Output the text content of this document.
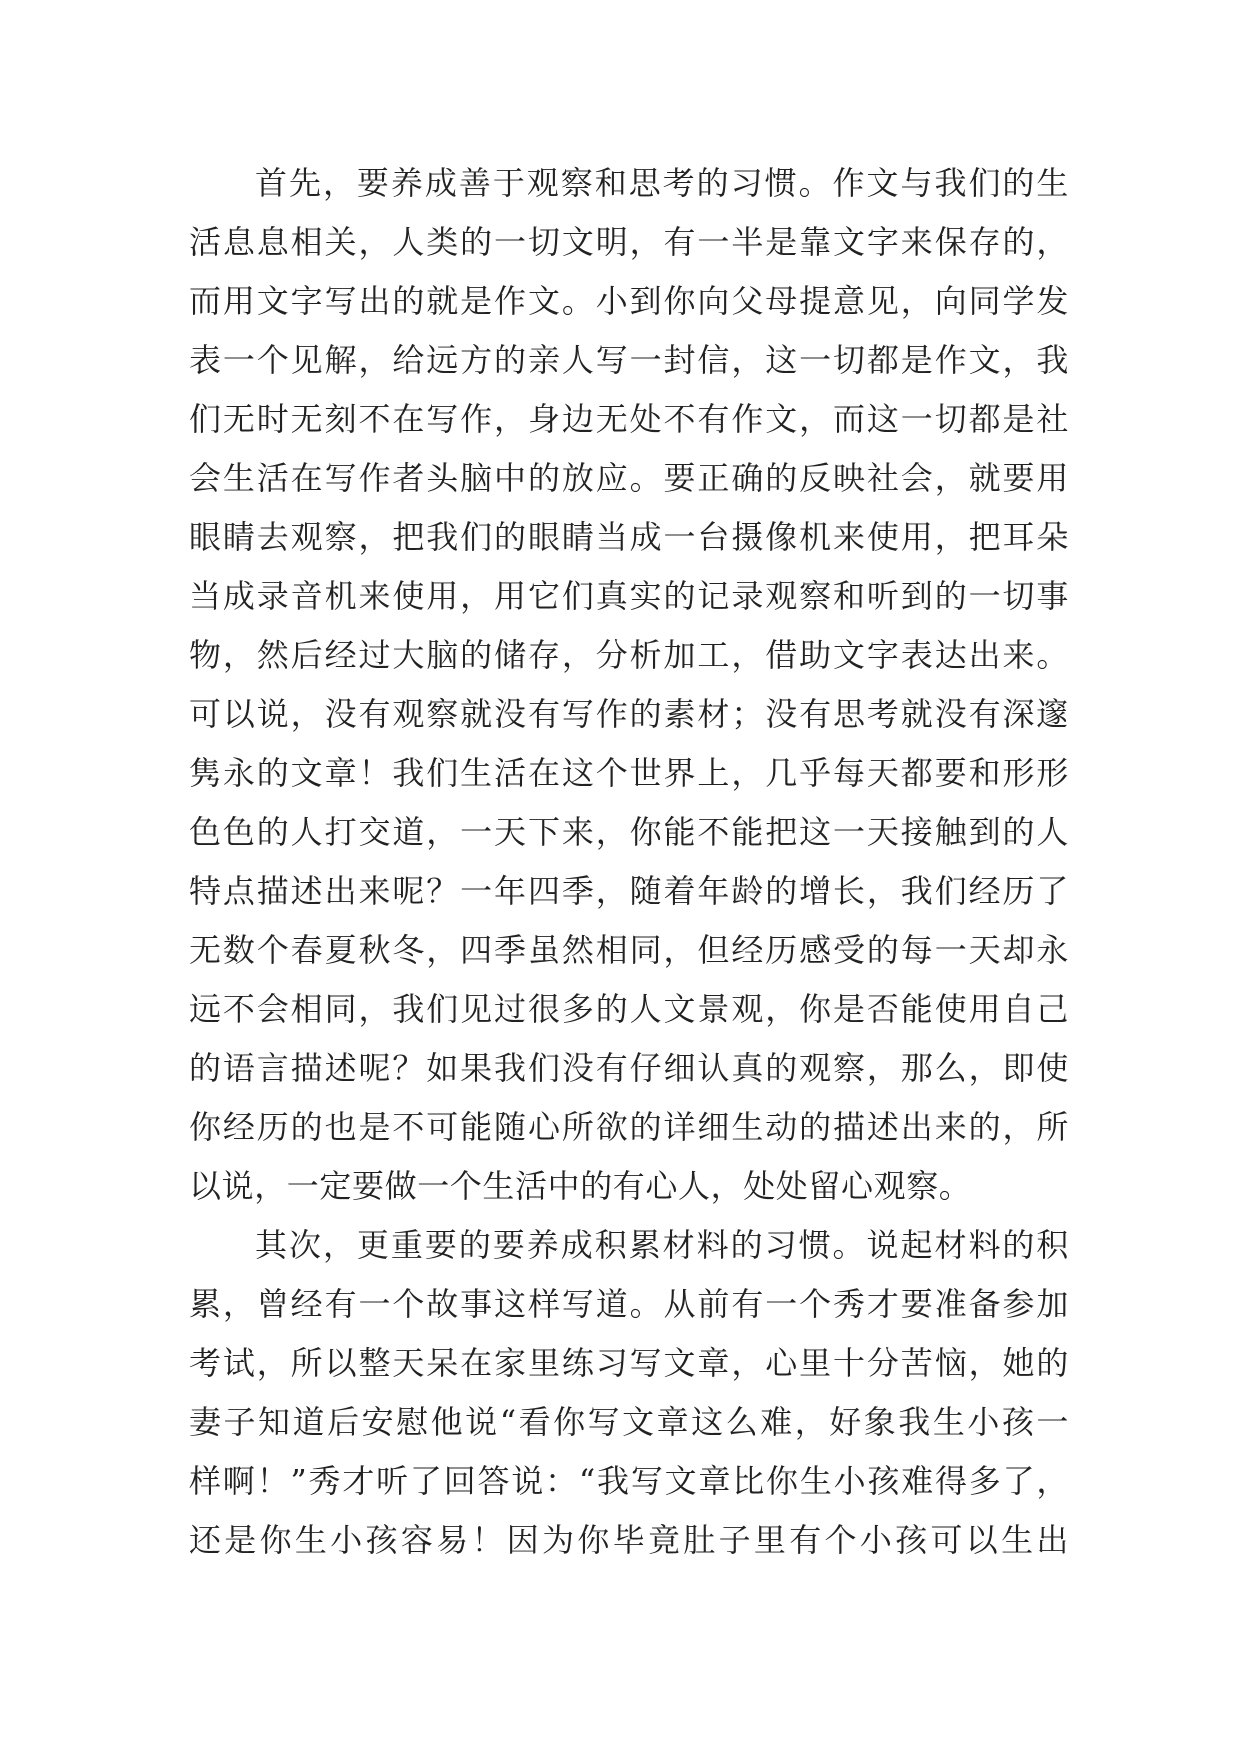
首先，要养成善于观察和思考的习惯。作文与我们的生
活息息相关，人类的一切文明，有一半是靠文字来保存的，
而用文字写出的就是作文。小到你向父母提意见，向同学发
表一个见解，给远方的亲人写一封信，这一切都是作文，我
们无时无刻不在写作，身边无处不有作文，而这一切都是社
会生活在写作者头脑中的放应。要正确的反映社会，就要用
眼睛去观察，把我们的眼睛当成一台摄像机来使用，把耳朵
当成录音机来使用，用它们真实的记录观察和听到的一切事
物，然后经过大脑的储存，分析加工，借助文字表达出来。
可以说，没有观察就没有写作的素材；没有思考就没有深邃
隽永的文章！我们生活在这个世界上，几乎每天都要和形形
色色的人打交道，一天下来，你能不能把这一天接触到的人
特点描述出来呢？一年四季，随着年龄的增长，我们经历了
无数个春夏秋冬，四季虽然相同，但经历感受的每一天却永
远不会相同，我们见过很多的人文景观，你是否能使用自己
的语言描述呢？如果我们没有仔细认真的观察，那么，即使
你经历的也是不可能随心所欲的详细生动的描述出来的，所
以说，一定要做一个生活中的有心人，处处留心观察。
其次，更重要的要养成积累材料的习惯。说起材料的积
累，曾经有一个故事这样写道。从前有一个秀才要准备参加
考试，所以整天呆在家里练习写文章，心里十分苦恼，她的
妻子知道后安慰他说“看你写文章这么难，好象我生小孩一
样啊！”秀才听了回答说：“我写文章比你生小孩难得多了，
还是你生小孩容易！因为你毕竟肚子里有个小孩可以生出
